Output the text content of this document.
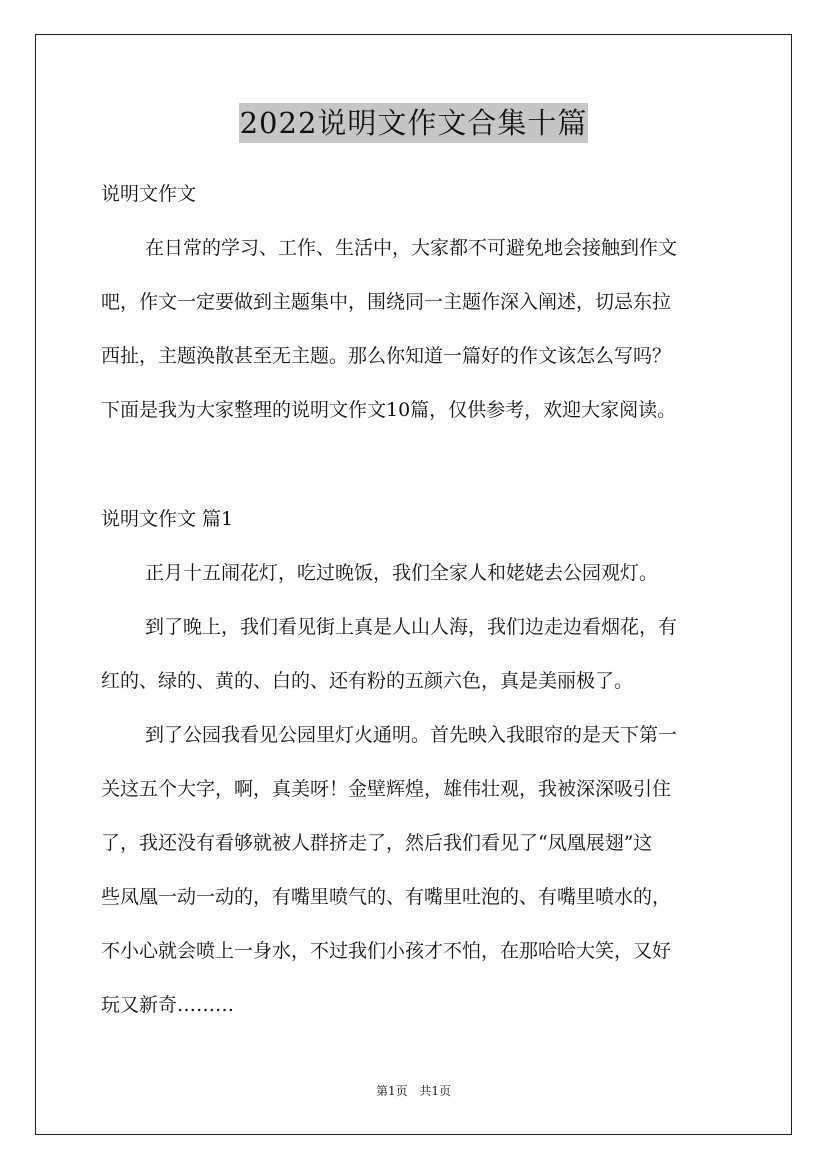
2022说明文作文合集十篇
说明文作文
在日常的学习、工作、生活中，大家都不可避免地会接触到作文
吧，作文一定要做到主题集中，围绕同一主题作深入阐述，切忌东拉
西扯，主题涣散甚至无主题。那么你知道一篇好的作文该怎么写吗？
下面是我为大家整理的说明文作文10篇，仅供参考，欢迎大家阅读。
说明文作文 篇1
正月十五闹花灯，吃过晚饭，我们全家人和姥姥去公园观灯。
到了晚上，我们看见街上真是人山人海，我们边走边看烟花，有
红的、绿的、黄的、白的、还有粉的五颜六色，真是美丽极了。
到了公园我看见公园里灯火通明。首先映入我眼帘的是天下第一
关这五个大字，啊，真美呀！金壁辉煌，雄伟壮观，我被深深吸引住
了，我还没有看够就被人群挤走了，然后我们看见了“凤凰展翅”这
些凤凰一动一动的，有嘴里喷气的、有嘴里吐泡的、有嘴里喷水的，
不小心就会喷上一身水，不过我们小孩才不怕，在那哈哈大笑，又好
玩又新奇………
第1页 共1页
